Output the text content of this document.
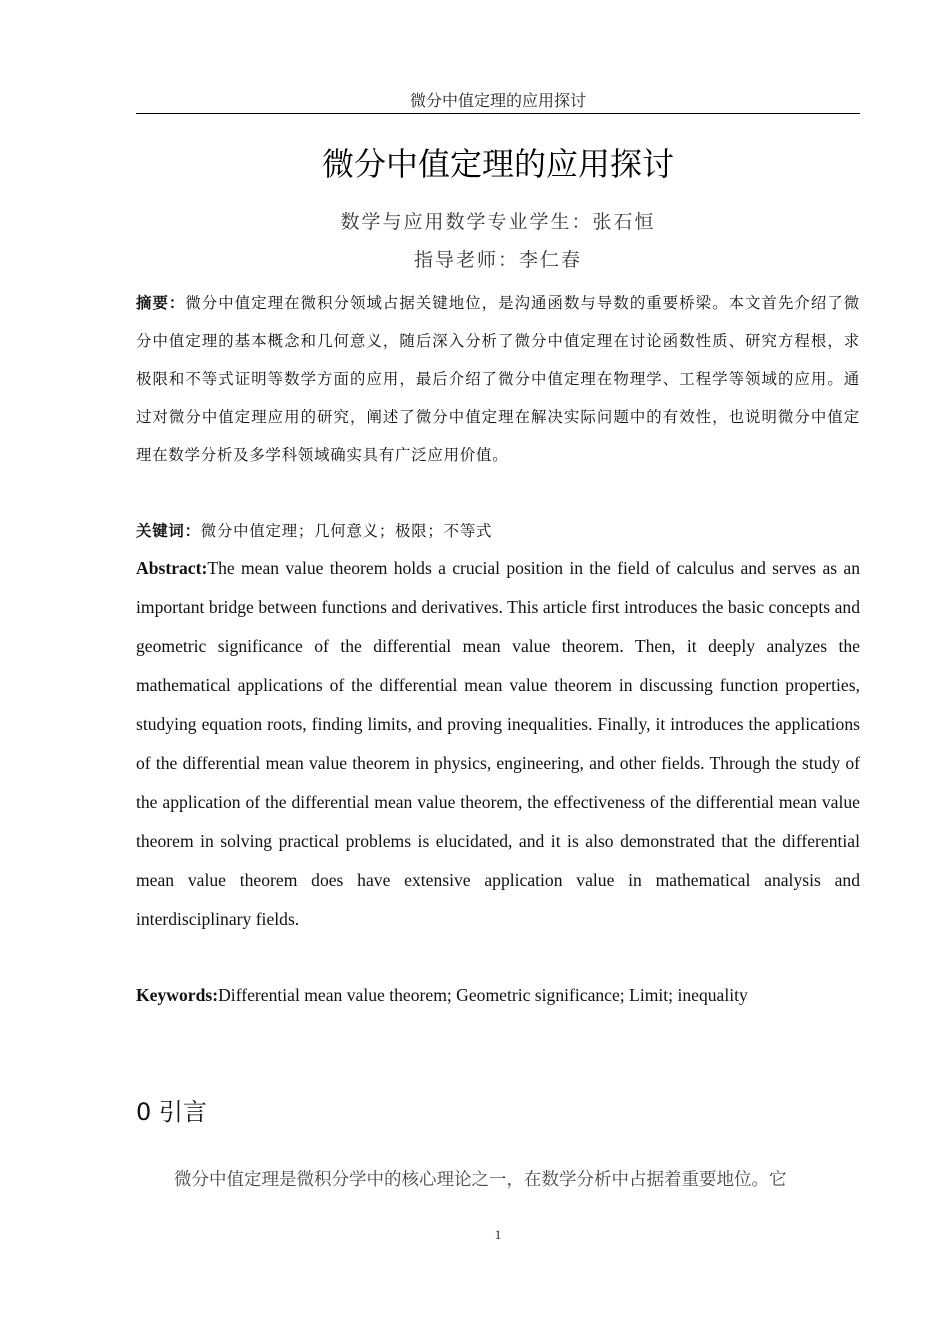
微分中值定理的应用探讨
微分中值定理的应用探讨
数学与应用数学专业学生：张石恒
指导老师：李仁春

摘要：微分中值定理在微积分领域占据关键地位，是沟通函数与导数的重要桥梁。本文首先介绍了微分中值定理的基本概念和几何意义，随后深入分析了微分中值定理在讨论函数性质、研究方程根，求极限和不等式证明等数学方面的应用，最后介绍了微分中值定理在物理学、工程学等领域的应用。通过对微分中值定理应用的研究，阐述了微分中值定理在解决实际问题中的有效性，也说明微分中值定理在数学分析及多学科领域确实具有广泛应用价值。

关键词：微分中值定理；几何意义；极限；不等式

Abstract:The mean value theorem holds a crucial position in the field of calculus and serves as an important bridge between functions and derivatives. This article first introduces the basic concepts and geometric significance of the differential mean value theorem. Then, it deeply analyzes the mathematical applications of the differential mean value theorem in discussing function properties, studying equation roots, finding limits, and proving inequalities. Finally, it introduces the applications of the differential mean value theorem in physics, engineering, and other fields. Through the study of the application of the differential mean value theorem, the effectiveness of the differential mean value theorem in solving practical problems is elucidated, and it is also demonstrated that the differential mean value theorem does have extensive application value in mathematical analysis and interdisciplinary fields.

Keywords:Differential mean value theorem; Geometric significance; Limit; inequality

0 引言

微分中值定理是微积分学中的核心理论之一，在数学分析中占据着重要地位。它

1
